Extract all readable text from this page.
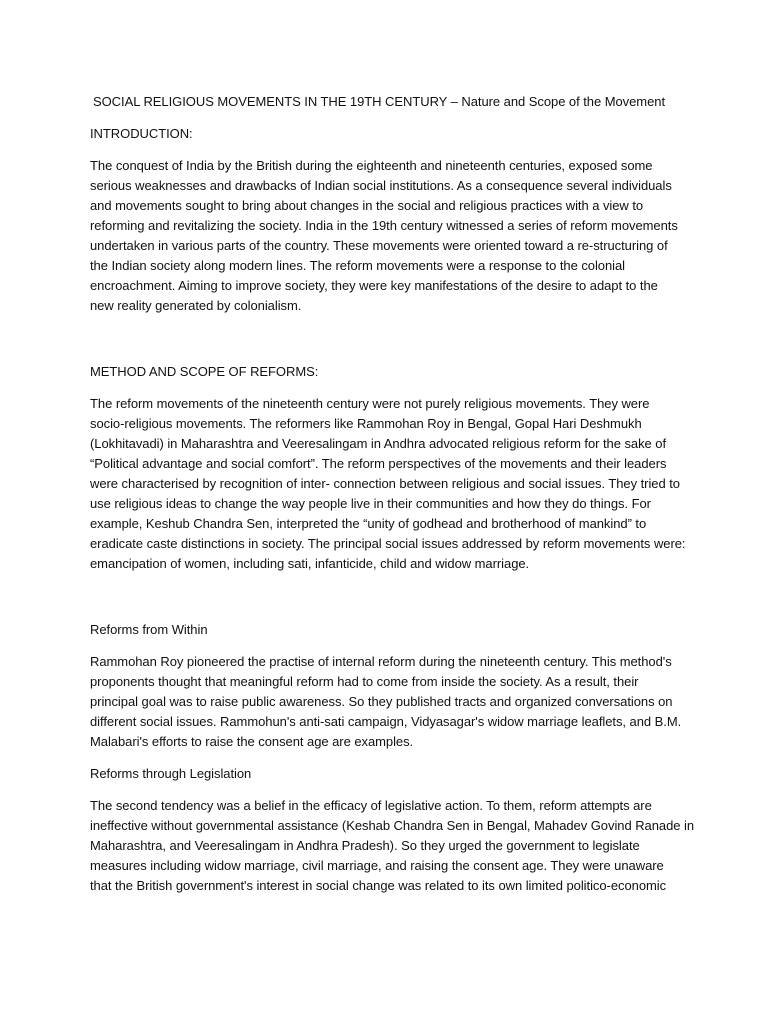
SOCIAL RELIGIOUS MOVEMENTS IN THE 19TH CENTURY – Nature and Scope of the Movement

INTRODUCTION:

The conquest of India by the British during the eighteenth and nineteenth centuries, exposed some

serious weaknesses and drawbacks of Indian social institutions. As a consequence several individuals

and movements sought to bring about changes in the social and religious practices with a view to

reforming and revitalizing the society. India in the 19th century witnessed a series of reform movements

undertaken in various parts of the country. These movements were oriented toward a re-structuring of

the Indian society along modern lines. The reform movements were a response to the colonial

encroachment. Aiming to improve society, they were key manifestations of the desire to adapt to the

new reality generated by colonialism.

METHOD AND SCOPE OF REFORMS:

The reform movements of the nineteenth century were not purely religious movements. They were

socio-religious movements. The reformers like Rammohan Roy in Bengal, Gopal Hari Deshmukh

(Lokhitavadi) in Maharashtra and Veeresalingam in Andhra advocated religious reform for the sake of

“Political advantage and social comfort”. The reform perspectives of the movements and their leaders

were characterised by recognition of inter- connection between religious and social issues. They tried to

use religious ideas to change the way people live in their communities and how they do things. For

example, Keshub Chandra Sen, interpreted the “unity of godhead and brotherhood of mankind” to

eradicate caste distinctions in society. The principal social issues addressed by reform movements were:

emancipation of women, including sati, infanticide, child and widow marriage.

Reforms from Within

Rammohan Roy pioneered the practise of internal reform during the nineteenth century. This method's

proponents thought that meaningful reform had to come from inside the society. As a result, their

principal goal was to raise public awareness. So they published tracts and organized conversations on

different social issues. Rammohun's anti-sati campaign, Vidyasagar's widow marriage leaflets, and B.M.

Malabari's efforts to raise the consent age are examples.

Reforms through Legislation

The second tendency was a belief in the efficacy of legislative action. To them, reform attempts are

ineffective without governmental assistance (Keshab Chandra Sen in Bengal, Mahadev Govind Ranade in

Maharashtra, and Veeresalingam in Andhra Pradesh). So they urged the government to legislate

measures including widow marriage, civil marriage, and raising the consent age. They were unaware

that the British government's interest in social change was related to its own limited politico-economic
